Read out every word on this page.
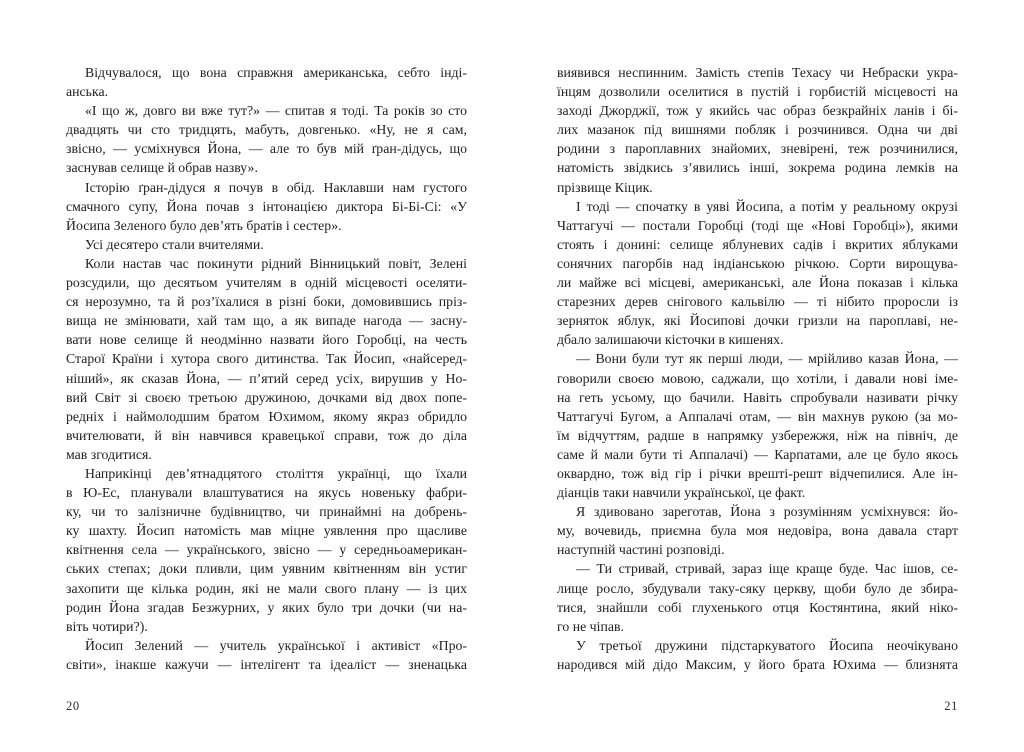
Відчувалося, що вона справжня американська, себто інді-
анська.
«І що ж, довго ви вже тут?» — спитав я тоді. Та років зо сто
двадцять чи сто тридцять, мабуть, довгенько. «Ну, не я сам,
звісно, — усміхнувся Йона, — але то був мій ґран-дідусь, що
заснував селище й обрав назву».
Історію ґран-дідуся я почув в обід. Наклавши нам густого
смачного супу, Йона почав з інтонацією диктора Бі-Бі-Сі: «У
Йосипа Зеленого було дев’ять братів і сестер».
Усі десятеро стали вчителями.
Коли настав час покинути рідний Вінницький повіт, Зелені
розсудили, що десятьом учителям в одній місцевості оселяти-
ся нерозумно, та й роз’їхалися в різні боки, домовившись пріз-
вища не змінювати, хай там що, а як випаде нагода — засну-
вати нове селище й неодмінно назвати його Горобці, на честь
Старої Країни і хутора свого дитинства. Так Йосип, «найсеред-
ніший», як сказав Йона, — п’ятий серед усіх, вирушив у Но-
вий Світ зі своєю третьою дружиною, дочками від двох попе-
редніх і наймолодшим братом Юхимом, якому якраз обридло
вчителювати, й він навчився кравецької справи, тож до діла
мав згодитися.
Наприкінці дев’ятнадцятого століття українці, що їхали
в Ю-Ес, планували влаштуватися на якусь новеньку фабри-
ку, чи то залізничне будівництво, чи принаймні на добрень-
ку шахту. Йосип натомість мав міцне уявлення про щасливе
квітнення села — українського, звісно — у середньоамерикан-
ських степах; доки пливли, цим уявним квітненням він устиг
захопити ще кілька родин, які не мали свого плану — із цих
родин Йона згадав Безжурних, у яких було три дочки (чи на-
віть чотири?).
Йосип Зелений — учитель української і активіст «Про-
світи», інакше кажучи — інтелігент та ідеаліст — зненацька
виявився неспинним. Замість степів Техасу чи Небраски укра-
їнцям дозволили оселитися в пустій і горбистій місцевості на
заході Джорджії, тож у якийсь час образ безкрайніх ланів і бі-
лих мазанок під вишнями побляк і розчинився. Одна чи дві
родини з пароплавних знайомих, зневірені, теж розчинилися,
натомість звідкись з’явились інші, зокрема родина лемків на
прізвище Кіцик.
І тоді — спочатку в уяві Йосипа, а потім у реальному окрузі
Чаттагучі — постали Горобці (тоді ще «Нові Горобці»), якими
стоять і донині: селище яблуневих садів і вкритих яблуками
сонячних пагорбів над індіанською річкою. Сорти вирощува-
ли майже всі місцеві, американські, але Йона показав і кілька
старезних дерев снігового кальвілю — ті нібито проросли із
зерняток яблук, які Йосипові дочки гризли на пароплаві, не-
дбало залишаючи кісточки в кишенях.
— Вони були тут як перші люди, — мрійливо казав Йона, —
говорили своєю мовою, саджали, що хотіли, і давали нові іме-
на геть усьому, що бачили. Навіть спробували називати річку
Чаттагучі Бугом, а Аппалачі отам, — він махнув рукою (за мо-
їм відчуттям, радше в напрямку узбережжя, ніж на північ, де
саме й мали бути ті Аппалачі) — Карпатами, але це було якось
оквардно, тож від гір і річки врешті-решт відчепилися. Але ін-
діанців таки навчили української, це факт.
Я здивовано зареготав, Йона з розумінням усміхнувся: йо-
му, вочевидь, приємна була моя недовіра, вона давала старт
наступній частині розповіді.
— Ти стривай, стривай, зараз іще краще буде. Час ішов, се-
лище росло, збудували таку-сяку церкву, щоби було де збира-
тися, знайшли собі глухенького отця Костянтина, який ніко-
го не чіпав.
У третьої дружини підстаркуватого Йосипа неочікувано
народився мій дідо Максим, у його брата Юхима — близнята
20	21
